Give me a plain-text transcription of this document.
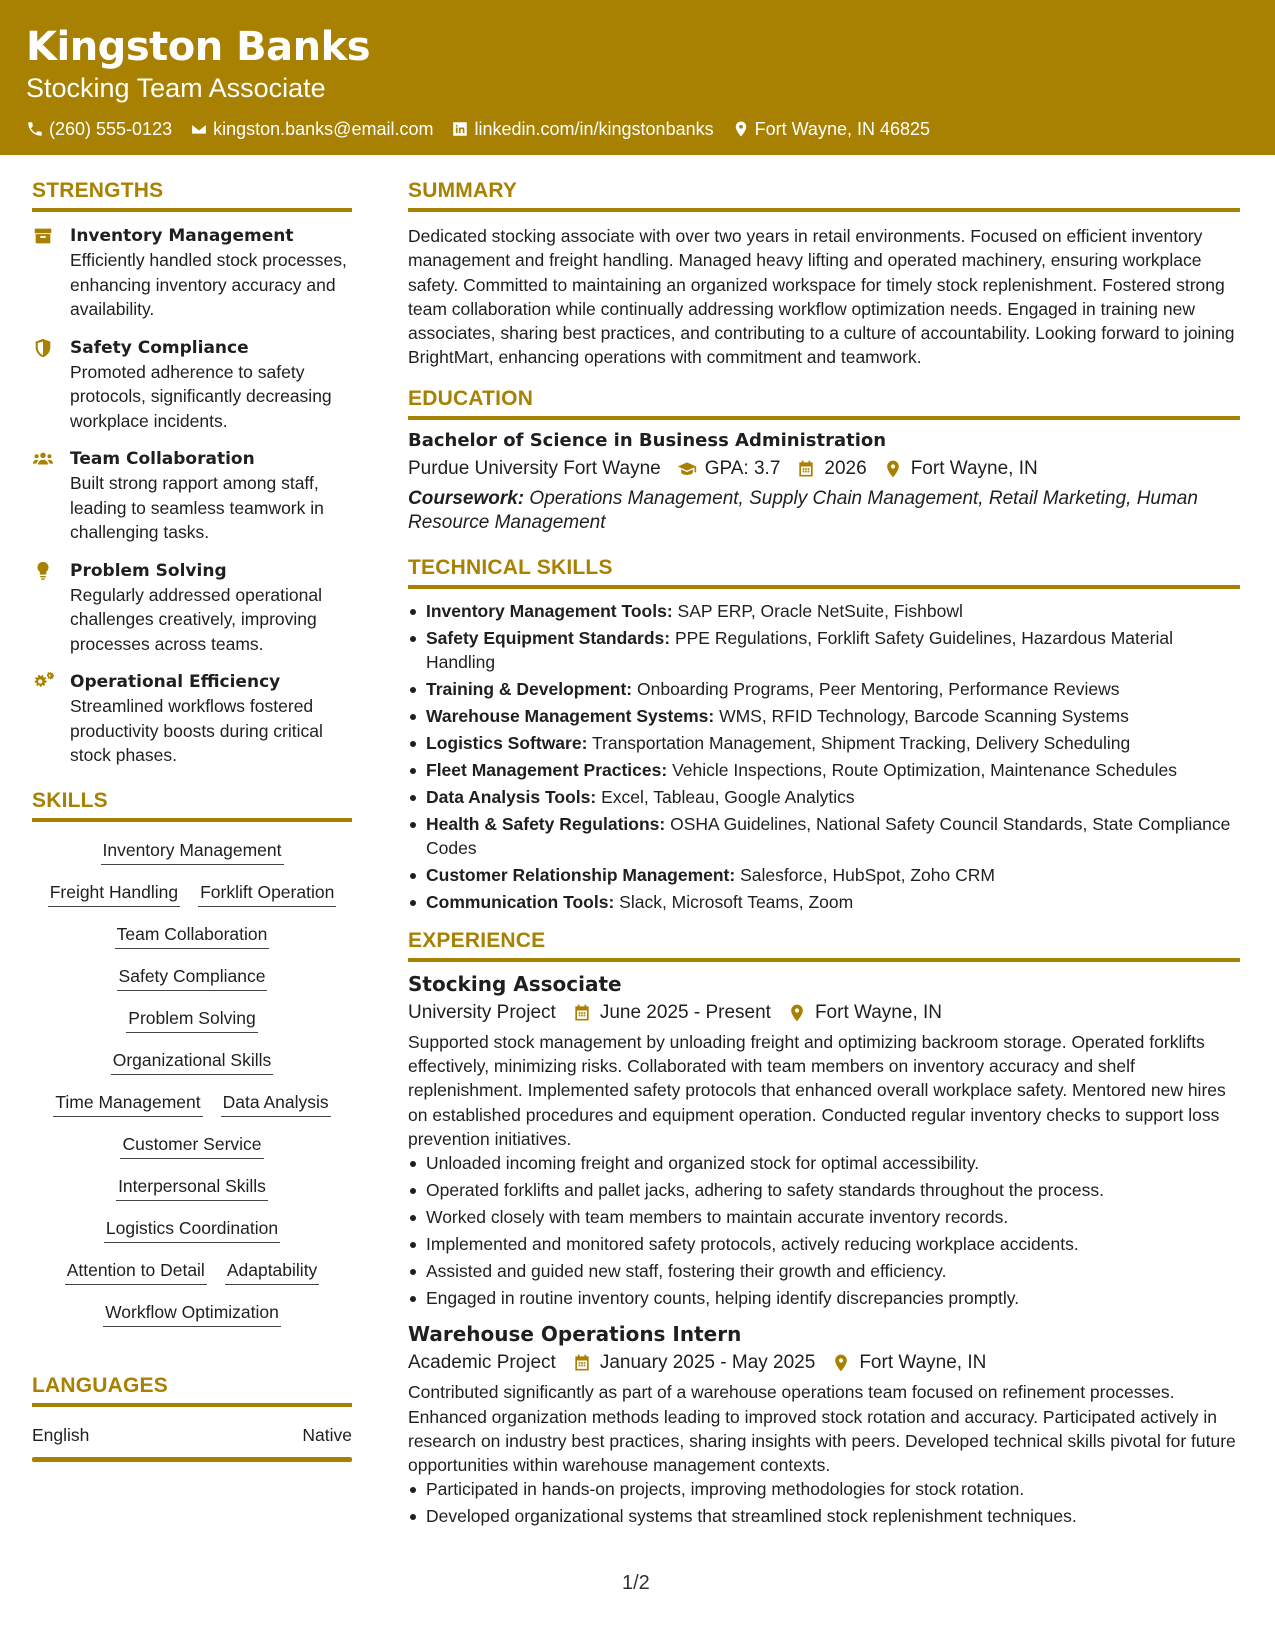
Kingston Banks
Stocking Team Associate
(260) 555-0123 kingston.banks@email.com linkedin.com/in/kingstonbanks Fort Wayne, IN 46825
STRENGTHS
Inventory Management
Efficiently handled stock processes, enhancing inventory accuracy and availability.
Safety Compliance
Promoted adherence to safety protocols, significantly decreasing workplace incidents.
Team Collaboration
Built strong rapport among staff, leading to seamless teamwork in challenging tasks.
Problem Solving
Regularly addressed operational challenges creatively, improving processes across teams.
Operational Efficiency
Streamlined workflows fostered productivity boosts during critical stock phases.
SKILLS
Inventory Management
Freight Handling Forklift Operation
Team Collaboration
Safety Compliance
Problem Solving
Organizational Skills
Time Management Data Analysis
Customer Service
Interpersonal Skills
Logistics Coordination
Attention to Detail Adaptability
Workflow Optimization
LANGUAGES
English	Native
SUMMARY
Dedicated stocking associate with over two years in retail environments. Focused on efficient inventory management and freight handling. Managed heavy lifting and operated machinery, ensuring workplace safety. Committed to maintaining an organized workspace for timely stock replenishment. Fostered strong team collaboration while continually addressing workflow optimization needs. Engaged in training new associates, sharing best practices, and contributing to a culture of accountability. Looking forward to joining BrightMart, enhancing operations with commitment and teamwork.
EDUCATION
Bachelor of Science in Business Administration
Purdue University Fort Wayne GPA: 3.7 2026 Fort Wayne, IN
Coursework: Operations Management, Supply Chain Management, Retail Marketing, Human Resource Management
TECHNICAL SKILLS
Inventory Management Tools: SAP ERP, Oracle NetSuite, Fishbowl
Safety Equipment Standards: PPE Regulations, Forklift Safety Guidelines, Hazardous Material Handling
Training & Development: Onboarding Programs, Peer Mentoring, Performance Reviews
Warehouse Management Systems: WMS, RFID Technology, Barcode Scanning Systems
Logistics Software: Transportation Management, Shipment Tracking, Delivery Scheduling
Fleet Management Practices: Vehicle Inspections, Route Optimization, Maintenance Schedules
Data Analysis Tools: Excel, Tableau, Google Analytics
Health & Safety Regulations: OSHA Guidelines, National Safety Council Standards, State Compliance Codes
Customer Relationship Management: Salesforce, HubSpot, Zoho CRM
Communication Tools: Slack, Microsoft Teams, Zoom
EXPERIENCE
Stocking Associate
University Project June 2025 - Present Fort Wayne, IN
Supported stock management by unloading freight and optimizing backroom storage. Operated forklifts effectively, minimizing risks. Collaborated with team members on inventory accuracy and shelf replenishment. Implemented safety protocols that enhanced overall workplace safety. Mentored new hires on established procedures and equipment operation. Conducted regular inventory checks to support loss prevention initiatives.
Unloaded incoming freight and organized stock for optimal accessibility.
Operated forklifts and pallet jacks, adhering to safety standards throughout the process.
Worked closely with team members to maintain accurate inventory records.
Implemented and monitored safety protocols, actively reducing workplace accidents.
Assisted and guided new staff, fostering their growth and efficiency.
Engaged in routine inventory counts, helping identify discrepancies promptly.
Warehouse Operations Intern
Academic Project January 2025 - May 2025 Fort Wayne, IN
Contributed significantly as part of a warehouse operations team focused on refinement processes. Enhanced organization methods leading to improved stock rotation and accuracy. Participated actively in research on industry best practices, sharing insights with peers. Developed technical skills pivotal for future opportunities within warehouse management contexts.
Participated in hands-on projects, improving methodologies for stock rotation.
Developed organizational systems that streamlined stock replenishment techniques.
1/2
